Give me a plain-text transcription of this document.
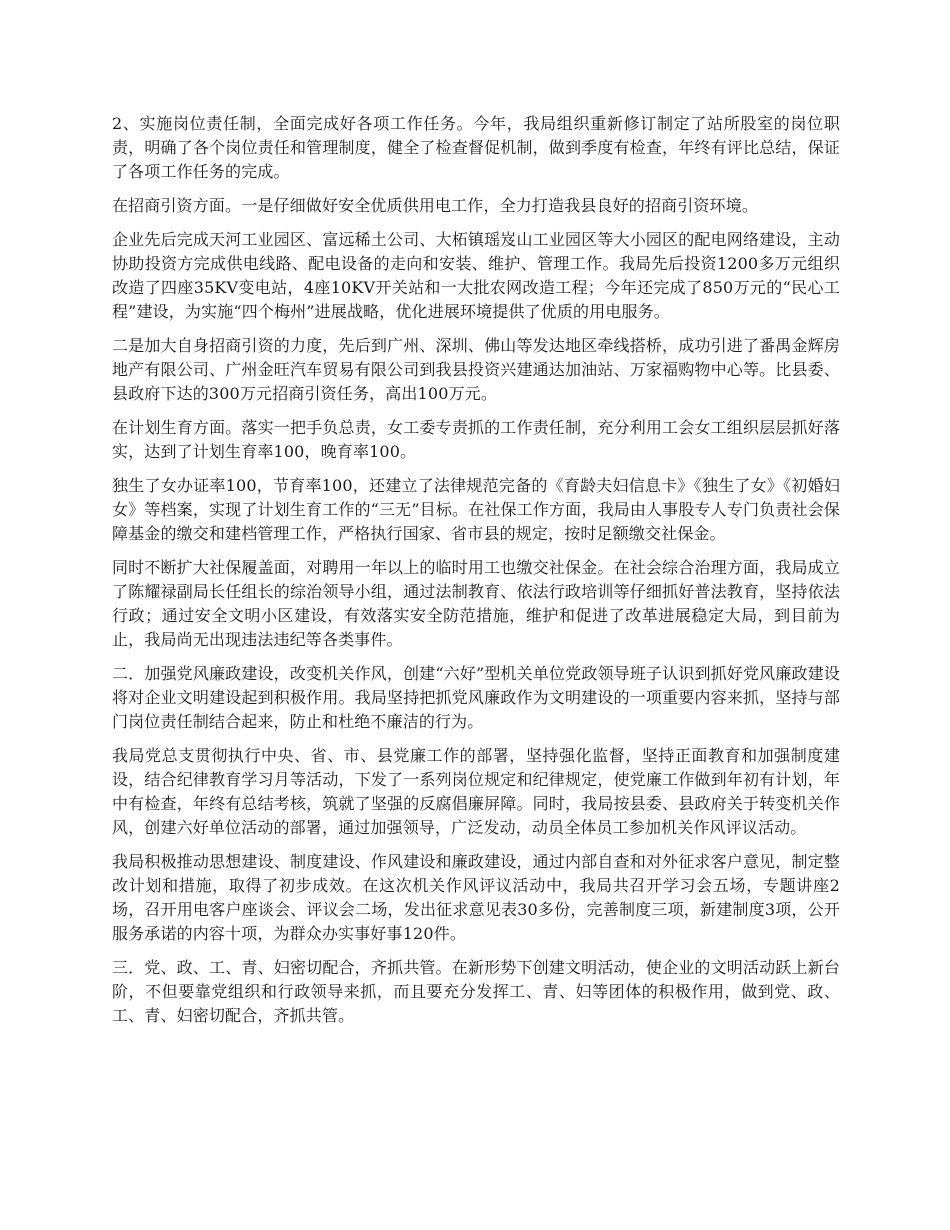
2、实施岗位责任制，全面完成好各项工作任务。今年，我局组织重新修订制定了站所股室的岗位职责，明确了各个岗位责任和管理制度，健全了检查督促机制，做到季度有检查，年终有评比总结，保证了各项工作任务的完成。

在招商引资方面。一是仔细做好安全优质供用电工作，全力打造我县良好的招商引资环境。

企业先后完成天河工业园区、富远稀土公司、大柘镇瑶岌山工业园区等大小园区的配电网络建设，主动协助投资方完成供电线路、配电设备的走向和安装、维护、管理工作。我局先后投资1200多万元组织改造了四座35KV变电站，4座10KV开关站和一大批农网改造工程；今年还完成了850万元的“民心工程”建设，为实施“四个梅州”进展战略，优化进展环境提供了优质的用电服务。

二是加大自身招商引资的力度，先后到广州、深圳、佛山等发达地区牵线搭桥，成功引进了番禺金辉房地产有限公司、广州金旺汽车贸易有限公司到我县投资兴建通达加油站、万家福购物中心等。比县委、县政府下达的300万元招商引资任务，高出100万元。

在计划生育方面。落实一把手负总责，女工委专责抓的工作责任制，充分利用工会女工组织层层抓好落实，达到了计划生育率100，晚育率100。

独生了女办证率100，节育率100，还建立了法律规范完备的《育龄夫妇信息卡》《独生了女》《初婚妇女》等档案，实现了计划生育工作的“三无”目标。在社保工作方面，我局由人事股专人专门负责社会保障基金的缴交和建档管理工作，严格执行国家、省市县的规定，按时足额缴交社保金。

同时不断扩大社保履盖面，对聘用一年以上的临时用工也缴交社保金。在社会综合治理方面，我局成立了陈耀禄副局长任组长的综治领导小组，通过法制教育、依法行政培训等仔细抓好普法教育，坚持依法行政；通过安全文明小区建设，有效落实安全防范措施，维护和促进了改革进展稳定大局，到目前为止，我局尚无出现违法违纪等各类事件。

二．加强党风廉政建设，改变机关作风，创建“六好”型机关单位党政领导班子认识到抓好党风廉政建设将对企业文明建设起到积极作用。我局坚持把抓党风廉政作为文明建设的一项重要内容来抓，坚持与部门岗位责任制结合起来，防止和杜绝不廉洁的行为。

我局党总支贯彻执行中央、省、市、县党廉工作的部署，坚持强化监督，坚持正面教育和加强制度建设，结合纪律教育学习月等活动，下发了一系列岗位规定和纪律规定，使党廉工作做到年初有计划，年中有检查，年终有总结考核，筑就了坚强的反腐倡廉屏障。同时，我局按县委、县政府关于转变机关作风，创建六好单位活动的部署，通过加强领导，广泛发动，动员全体员工参加机关作风评议活动。

我局积极推动思想建设、制度建设、作风建设和廉政建设，通过内部自查和对外征求客户意见，制定整改计划和措施，取得了初步成效。在这次机关作风评议活动中，我局共召开学习会五场，专题讲座2场，召开用电客户座谈会、评议会二场，发出征求意见表30多份，完善制度三项，新建制度3项，公开服务承诺的内容十项，为群众办实事好事120件。

三．党、政、工、青、妇密切配合，齐抓共管。在新形势下创建文明活动，使企业的文明活动跃上新台阶，不但要靠党组织和行政领导来抓，而且要充分发挥工、青、妇等团体的积极作用，做到党、政、工、青、妇密切配合，齐抓共管。
